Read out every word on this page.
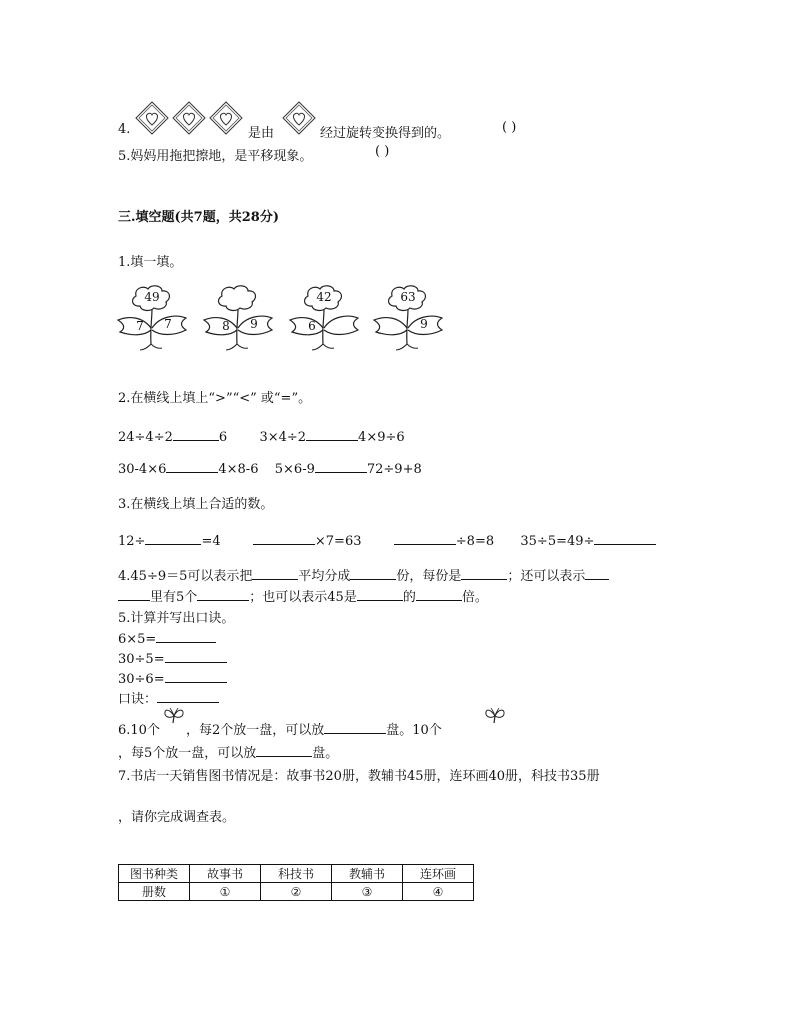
4.	是由	经过旋转变换得到的。	( )
5.妈妈用拖把擦地，是平移现象。	( )
三.填空题(共7题，共28分)
1.填一填。
49
7	7	8	9
42
6
63
9
2.在横线上填上“>”“<” 或“=”。
24÷4÷2	6 3×4÷2	4×9÷6
30-4×6	4×8-6 5×6-9	72÷9+8
3.在横线上填上合适的数。
12÷	=4	×7=63	÷8=8 35÷5=49÷
4.45÷9＝5可以表示把	平均分成	份，每份是	；还可以表示
里有5个	；也可以表示45是	的	倍。
5.计算并写出口诀。
6×5=
30÷5=
30÷6=
口诀：
6.10个 ，每2个放一盘，可以放	盘。10个
，每5个放一盘，可以放	盘。
7.书店一天销售图书情况是：故事书20册，教辅书45册，连环画40册，科技书35册
，请你完成调查表。
图书种类	故事书	科技书	教辅书	连环画
册数	①	②	③	④
